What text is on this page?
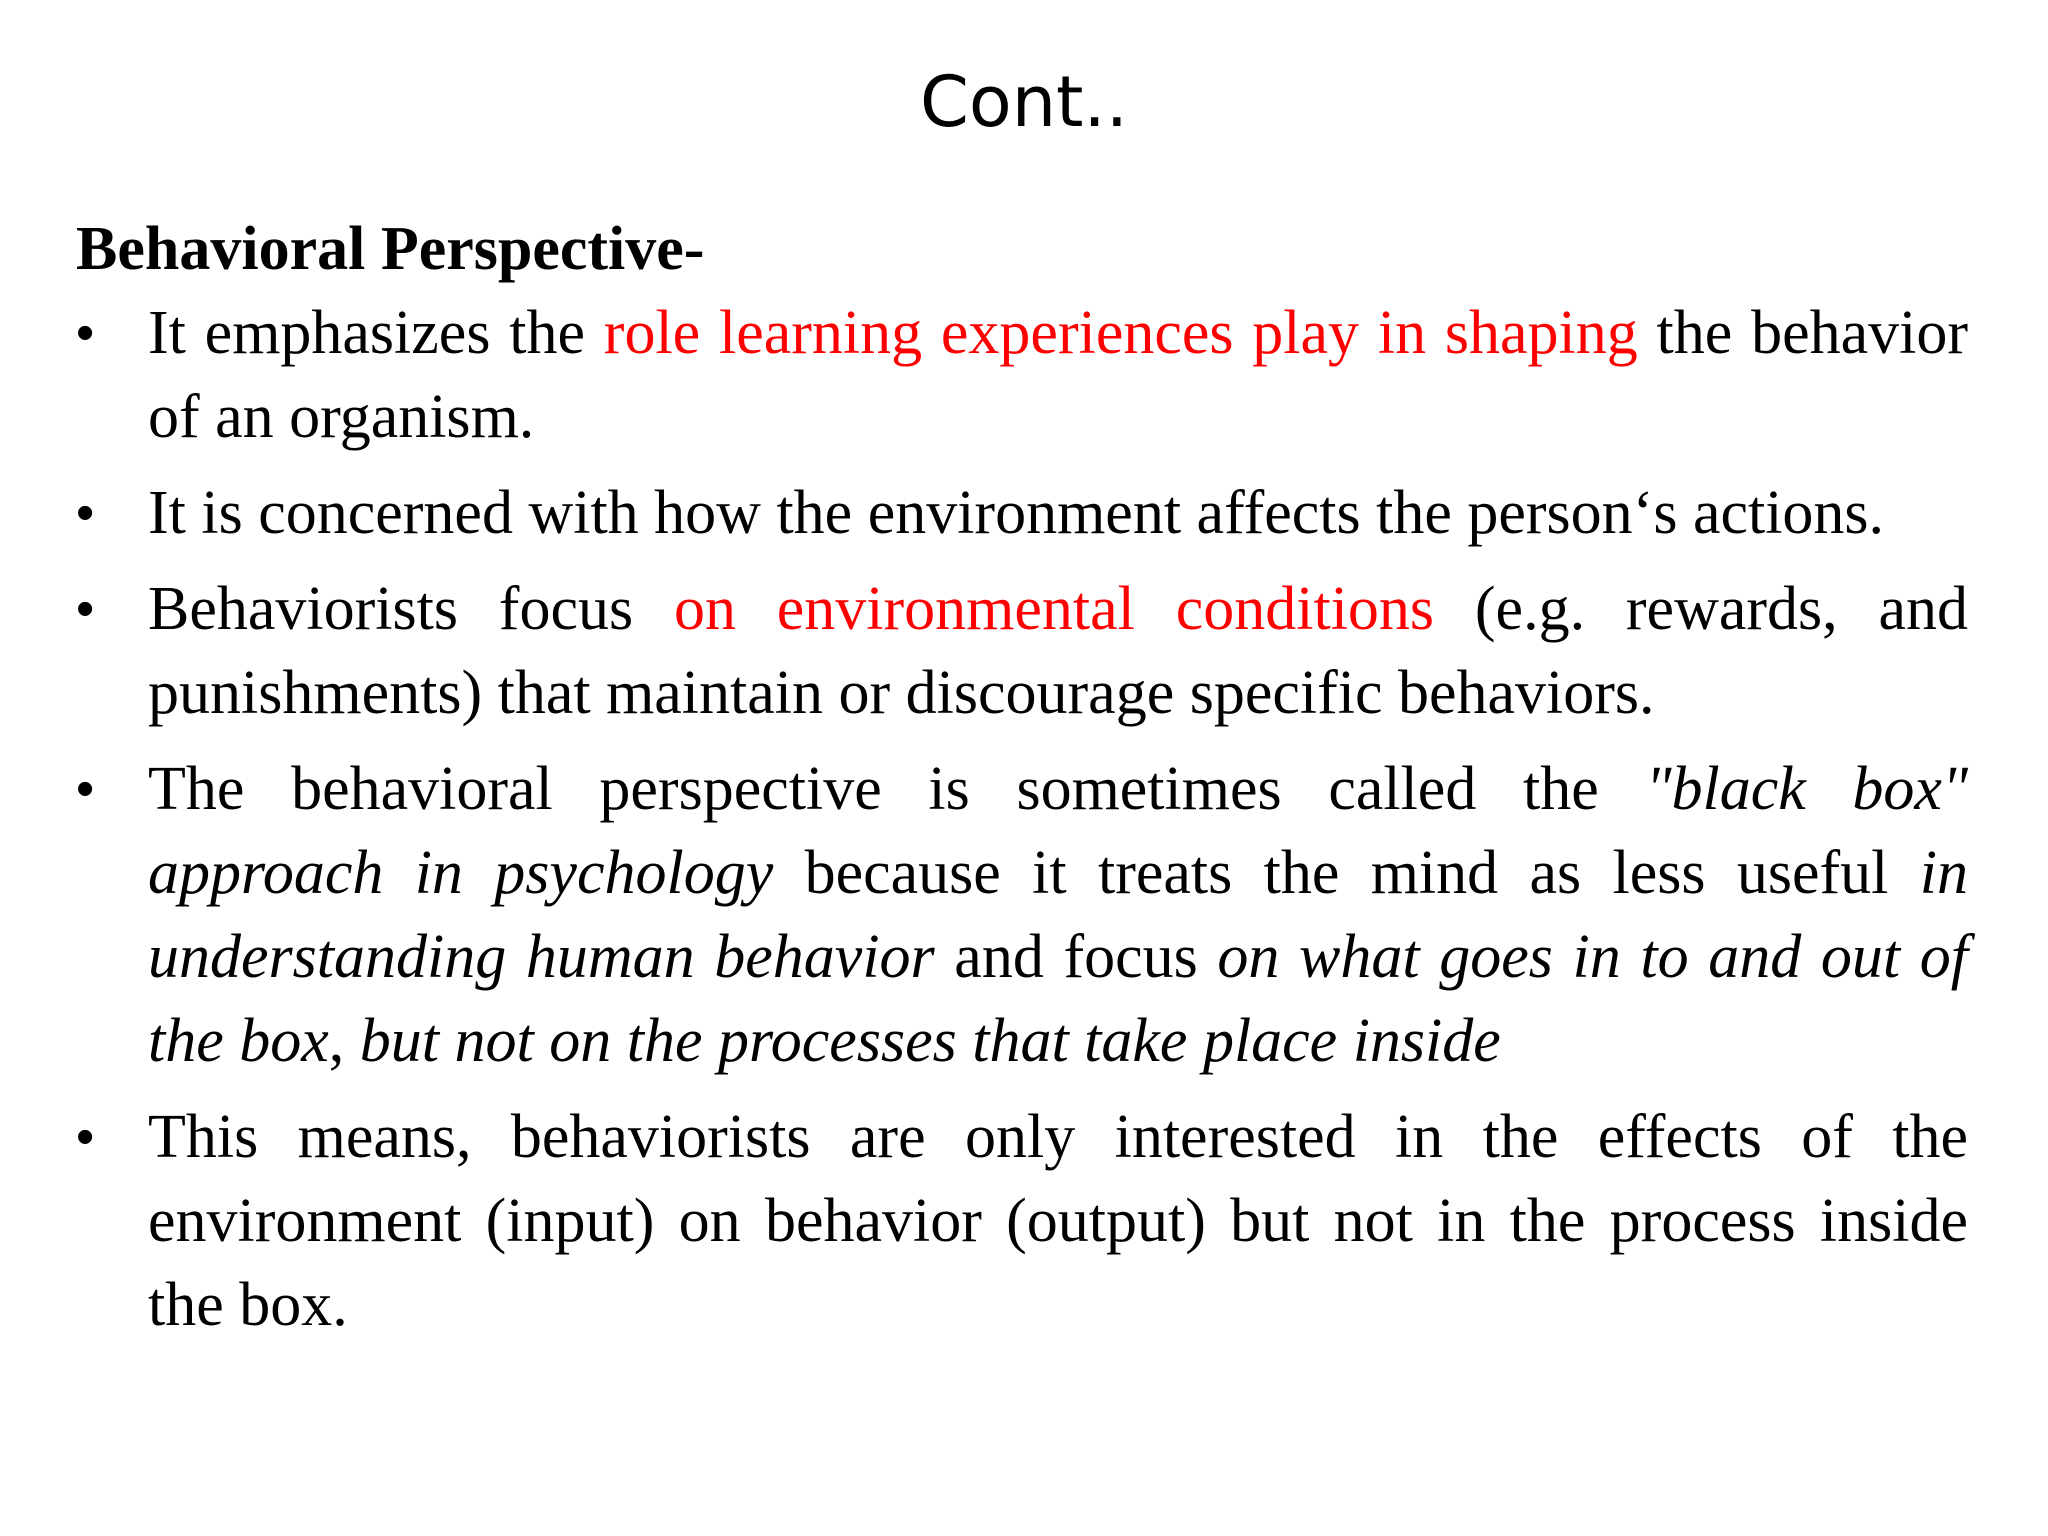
Cont..

Behavioral Perspective-

• It emphasizes the role learning experiences play in shaping the behavior of an organism.
• It is concerned with how the environment affects the person‘s actions.
• Behaviorists focus on environmental conditions (e.g. rewards, and punishments) that maintain or discourage specific behaviors.
• The behavioral perspective is sometimes called the "black box" approach in psychology because it treats the mind as less useful in understanding human behavior and focus on what goes in to and out of the box, but not on the processes that take place inside
• This means, behaviorists are only interested in the effects of the environment (input) on behavior (output) but not in the process inside the box.
